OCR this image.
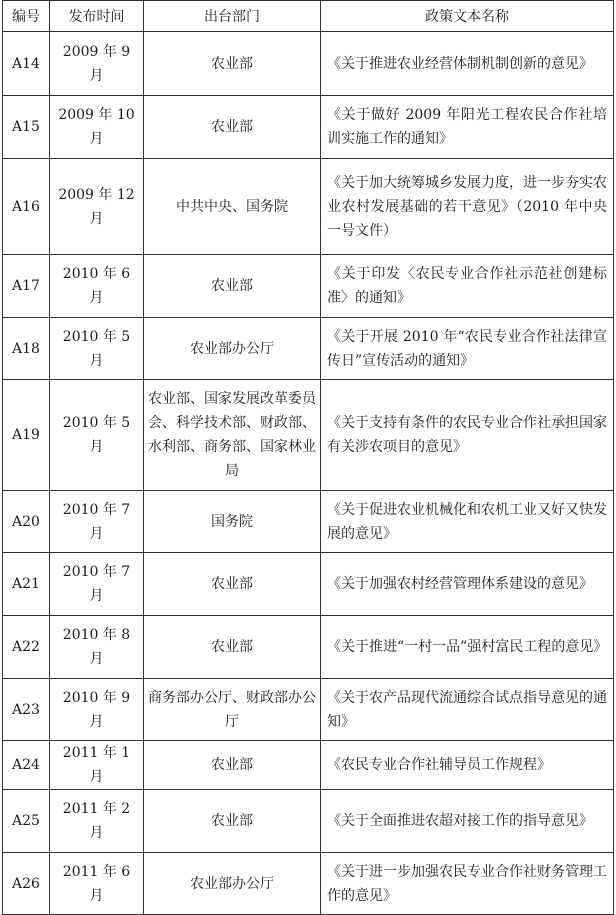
编号	发布时间	出台部门	政策文本名称
A14	2009 年 9 月	农业部	《关于推进农业经营体制机制创新的意见》
A15	2009 年 10 月	农业部	《关于做好 2009 年阳光工程农民合作社培训实施工作的通知》
A16	2009 年 12 月	中共中央、国务院	《关于加大统筹城乡发展力度，进一步夯实农业农村发展基础的若干意见》（2010 年中央一号文件）
A17	2010 年 6 月	农业部	《关于印发〈农民专业合作社示范社创建标准〉的通知》
A18	2010 年 5 月	农业部办公厅	《关于开展 2010 年“农民专业合作社法律宣传日”宣传活动的通知》
A19	2010 年 5 月	农业部、国家发展改革委员会、科学技术部、财政部、水利部、商务部、国家林业局	《关于支持有条件的农民专业合作社承担国家有关涉农项目的意见》
A20	2010 年 7 月	国务院	《关于促进农业机械化和农机工业又好又快发展的意见》
A21	2010 年 7 月	农业部	《关于加强农村经营管理体系建设的意见》
A22	2010 年 8 月	农业部	《关于推进“一村一品”强村富民工程的意见》
A23	2010 年 9 月	商务部办公厅、财政部办公厅	《关于农产品现代流通综合试点指导意见的通知》
A24	2011 年 1 月	农业部	《农民专业合作社辅导员工作规程》
A25	2011 年 2 月	农业部	《关于全面推进农超对接工作的指导意见》
A26	2011 年 6 月	农业部办公厅	《关于进一步加强农民专业合作社财务管理工作的意见》
